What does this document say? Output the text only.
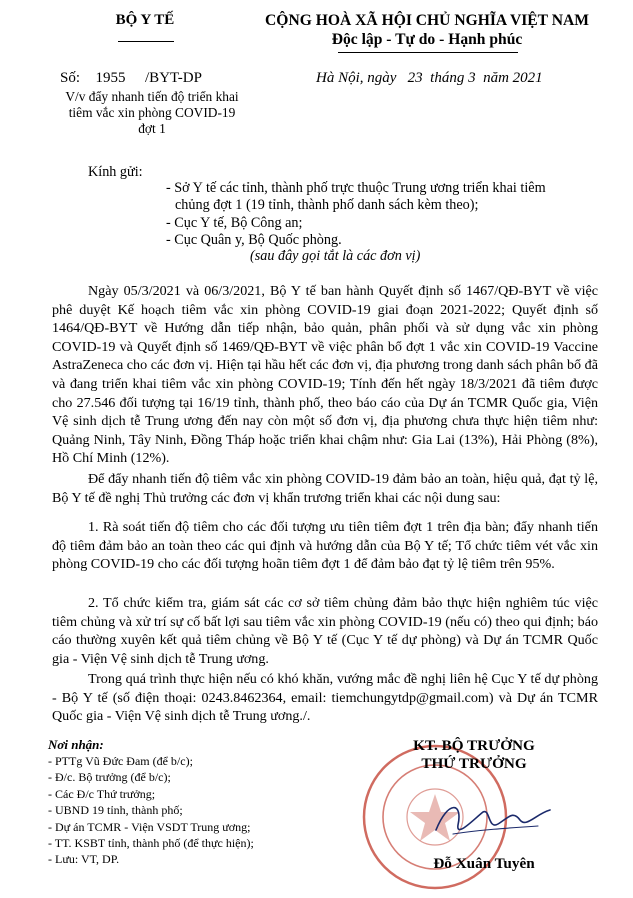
BỘ Y TẾ	CỘNG HOÀ XÃ HỘI CHỦ NGHĨA VIỆT NAM
Độc lập - Tự do - Hạnh phúc
Số: 1955 /BYT-DP	Hà Nội, ngày   23  tháng 3  năm 2021
V/v đẩy nhanh tiến độ triển khai
tiêm vắc xin phòng COVID-19
đợt 1
Kính gửi:
- Sở Y tế các tỉnh, thành phố trực thuộc Trung ương triển khai tiêm
chủng đợt 1 (19 tỉnh, thành phố danh sách kèm theo);
- Cục Y tế, Bộ Công an;
- Cục Quân y, Bộ Quốc phòng.
(sau đây gọi tắt là các đơn vị)

Ngày 05/3/2021 và 06/3/2021, Bộ Y tế ban hành Quyết định số 1467/QĐ-BYT về việc phê duyệt Kế hoạch tiêm vắc xin phòng COVID-19 giai đoạn 2021-2022; Quyết định số 1464/QĐ-BYT về Hướng dẫn tiếp nhận, bảo quản, phân phối và sử dụng vắc xin phòng COVID-19 và Quyết định số 1469/QĐ-BYT về việc phân bổ đợt 1 vắc xin COVID-19 Vaccine AstraZeneca cho các đơn vị. Hiện tại hầu hết các đơn vị, địa phương trong danh sách phân bổ đã và đang triển khai tiêm vắc xin phòng COVID-19; Tính đến hết ngày 18/3/2021 đã tiêm được cho 27.546 đối tượng tại 16/19 tỉnh, thành phố, theo báo cáo của Dự án TCMR Quốc gia, Viện Vệ sinh dịch tễ Trung ương đến nay còn một số đơn vị, địa phương chưa thực hiện tiêm như: Quảng Ninh, Tây Ninh, Đồng Tháp hoặc triển khai chậm như: Gia Lai (13%), Hải Phòng (8%), Hồ Chí Minh (12%).

Để đẩy nhanh tiến độ tiêm vắc xin phòng COVID-19 đảm bảo an toàn, hiệu quả, đạt tỷ lệ, Bộ Y tế đề nghị Thủ trưởng các đơn vị khẩn trương triển khai các nội dung sau:

1. Rà soát tiến độ tiêm cho các đối tượng ưu tiên tiêm đợt 1 trên địa bàn; đẩy nhanh tiến độ tiêm đảm bảo an toàn theo các qui định và hướng dẫn của Bộ Y tế; Tổ chức tiêm vét vắc xin phòng COVID-19 cho các đối tượng hoãn tiêm đợt 1 để đảm bảo đạt tỷ lệ tiêm trên 95%.

2. Tổ chức kiểm tra, giám sát các cơ sở tiêm chủng đảm bảo thực hiện nghiêm túc việc tiêm chủng và xử trí sự cố bất lợi sau tiêm vắc xin phòng COVID-19 (nếu có) theo qui định; báo cáo thường xuyên kết quả tiêm chủng về Bộ Y tế (Cục Y tế dự phòng) và Dự án TCMR Quốc gia - Viện Vệ sinh dịch tễ Trung ương.

Trong quá trình thực hiện nếu có khó khăn, vướng mắc đề nghị liên hệ Cục Y tế dự phòng - Bộ Y tế (số điện thoại: 0243.8462364, email: tiemchungytdp@gmail.com) và Dự án TCMR Quốc gia - Viện Vệ sinh dịch tễ Trung ương./.

Nơi nhận:
- PTTg Vũ Đức Đam (để b/c);
- Đ/c. Bộ trưởng (để b/c);
- Các Đ/c Thứ trưởng;
- UBND 19 tỉnh, thành phố;
- Dự án TCMR - Viện VSDT Trung ương;
- TT. KSBT tỉnh, thành phố (để thực hiện);
- Lưu: VT, DP.
KT. BỘ TRƯỞNG
THỨ TRƯỞNG
Đỗ Xuân Tuyên
